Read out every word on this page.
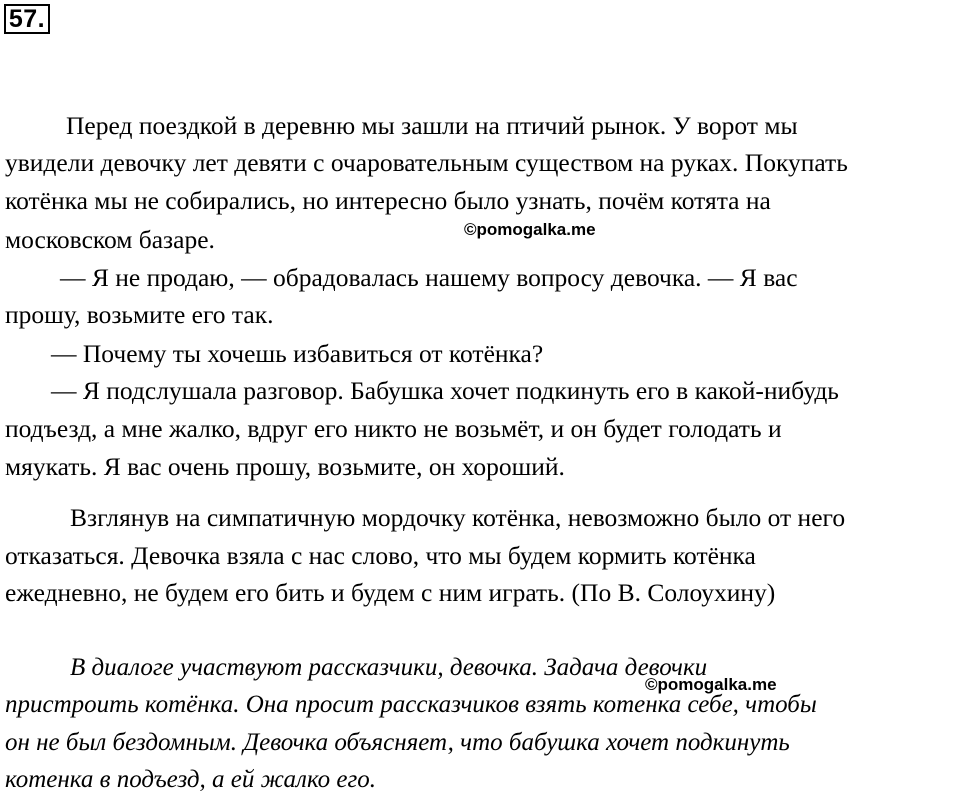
57.
Перед поездкой в деревню мы зашли на птичий рынок. У ворот мы
увидели девочку лет девяти с очаровательным существом на руках. Покупать
котёнка мы не собирались, но интересно было узнать, почём котята на
московском базаре.
— Я не продаю, — обрадовалась нашему вопросу девочка. — Я вас
прошу, возьмите его так.
— Почему ты хочешь избавиться от котёнка?
— Я подслушала разговор. Бабушка хочет подкинуть его в какой-нибудь
подъезд, а мне жалко, вдруг его никто не возьмёт, и он будет голодать и
мяукать. Я вас очень прошу, возьмите, он хороший.
Взглянув на симпатичную мордочку котёнка, невозможно было от него
отказаться. Девочка взяла с нас слово, что мы будем кормить котёнка
ежедневно, не будем его бить и будем с ним играть. (По В. Солоухину)
В диалоге участвуют рассказчики, девочка. Задача девочки
пристроить котёнка. Она просит рассказчиков взять котенка себе, чтобы
он не был бездомным. Девочка объясняет, что бабушка хочет подкинуть
котенка в подъезд, а ей жалко его.
©pomogalka.me
©pomogalka.me
